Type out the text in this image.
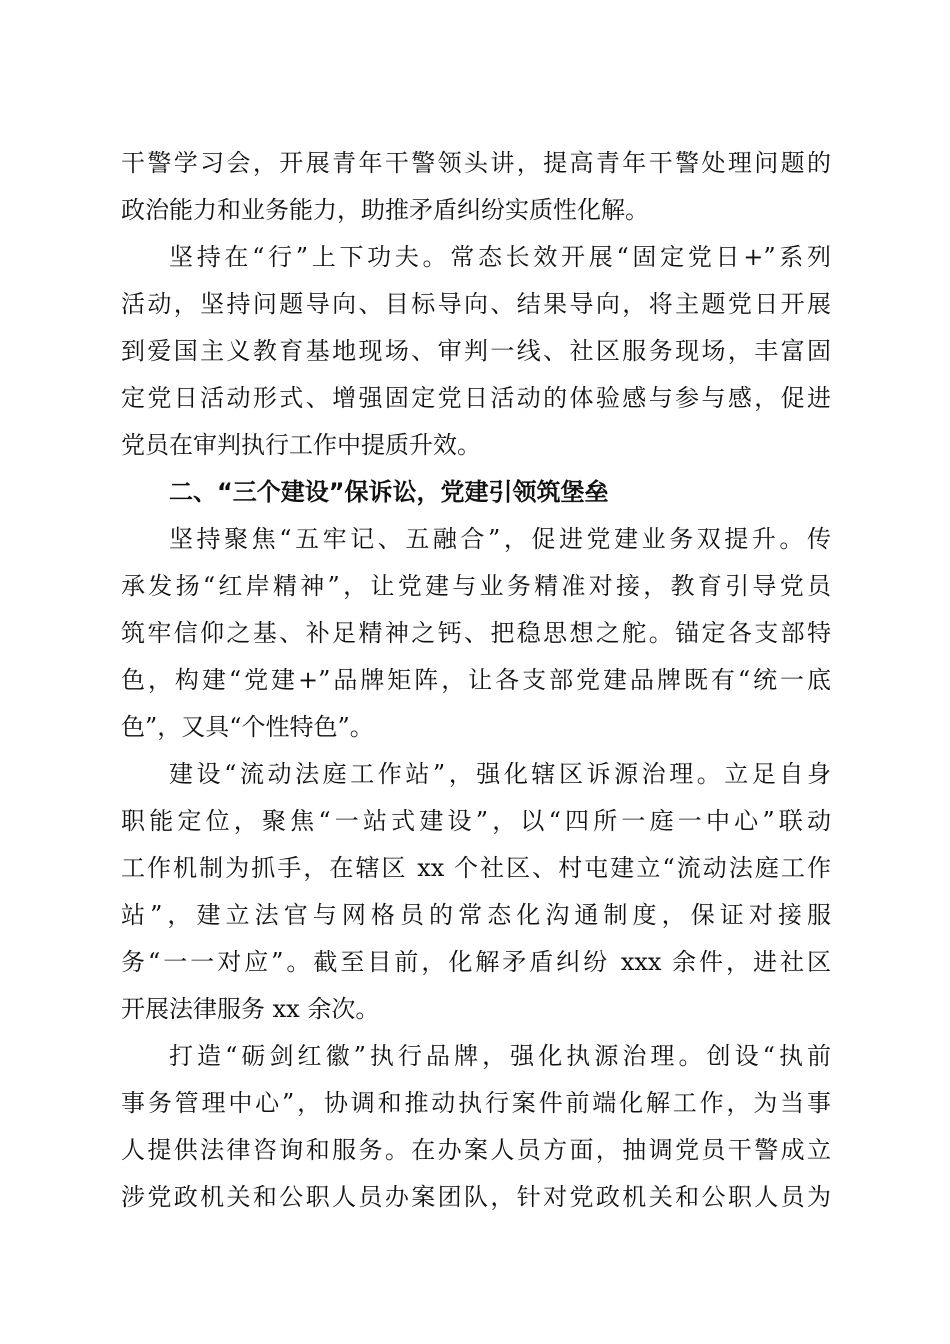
干警学习会，开展青年干警领头讲，提高青年干警处理问题的
政治能力和业务能力，助推矛盾纠纷实质性化解。
坚持在“行”上下功夫。常态长效开展“固定党日+”系列
活动，坚持问题导向、目标导向、结果导向，将主题党日开展
到爱国主义教育基地现场、审判一线、社区服务现场，丰富固
定党日活动形式、增强固定党日活动的体验感与参与感，促进
党员在审判执行工作中提质升效。
二、“三个建设”保诉讼，党建引领筑堡垒
坚持聚焦“五牢记、五融合”，促进党建业务双提升。传
承发扬“红岸精神”，让党建与业务精准对接，教育引导党员
筑牢信仰之基、补足精神之钙、把稳思想之舵。锚定各支部特
色，构建“党建+”品牌矩阵，让各支部党建品牌既有“统一底
色”，又具“个性特色”。
建设“流动法庭工作站”，强化辖区诉源治理。立足自身
职能定位，聚焦“一站式建设”，以“四所一庭一中心”联动
工作机制为抓手，在辖区 xx 个社区、村屯建立“流动法庭工作
站”，建立法官与网格员的常态化沟通制度，保证对接服
务“一一对应”。截至目前，化解矛盾纠纷 xxx 余件，进社区
开展法律服务 xx 余次。
打造“砺剑红徽”执行品牌，强化执源治理。创设“执前
事务管理中心”，协调和推动执行案件前端化解工作，为当事
人提供法律咨询和服务。在办案人员方面，抽调党员干警成立
涉党政机关和公职人员办案团队，针对党政机关和公职人员为
